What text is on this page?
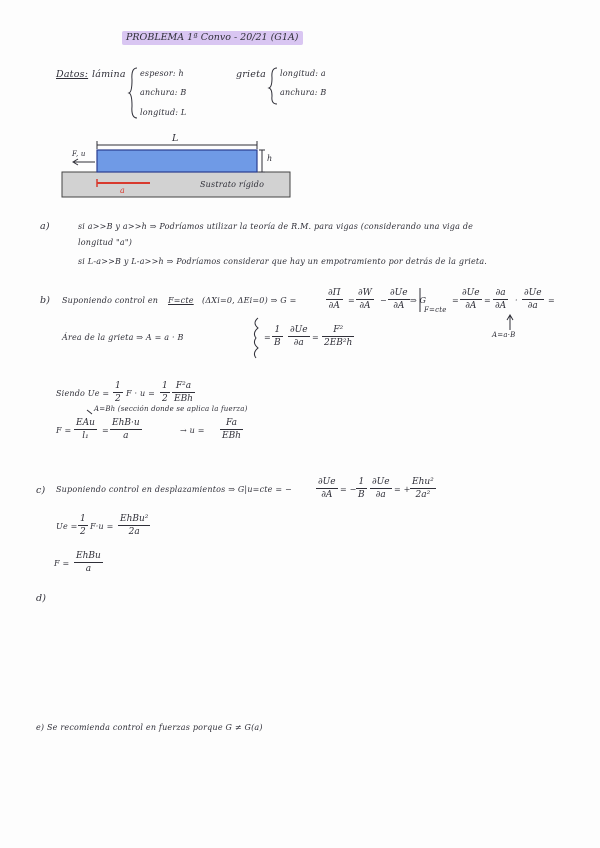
PROBLEMA 1ª Convo - 20/21 (G1A)
Datos: lámina espesor: h
anchura: B
longitud: L
grieta longitud: a
anchura: B
L
h
F, u
a
Sustrato rígido
a)	si a>>B y a>>h ⇒ Podríamos utilizar la teoría de R.M. para vigas (considerando una viga de
longitud "a")
si L-a>>B y L-a>>h ⇒ Podríamos considerar que hay un empotramiento por detrás de la grieta.
b) Suponiendo control en F=cte (ΔXi=0, ΔEi=0) ⇒ G =	$\frac{\partial\Pi}{\partial A} = \frac{\partial W}{\partial A} - \frac{\partial Ue}{\partial A}$ ⇒ G
F=cte
= $\frac{\partial Ue}{\partial A} = \frac{\partial a}{\partial A} \cdot \frac{\partial Ue}{\partial a}$ =
A=a·B
Área de la grieta ⇒ A = a · B	= $\frac{1}{B} \frac{\partial Ue}{\partial a} = \frac{\text{F²}}{\text{2EB²h}}$
Siendo $Ue = \frac{1}{2}$ $F \cdot u = \frac{1}{2} F^2a$
EBh
A=Bh (sección donde se aplica la fuerza)
F =
EAu
l₁
=
EhB·u
a
→ u =
Fa
EBh
c) Suponiendo control en desplazamientos ⇒ G|u=cte = −	$\frac{\partial Ue}{\partial A}$ = − $\frac{1}{B} \frac{\partial Ue}{\partial a}$ = +
Ehu²
2a²
$Ue = \frac{1}{2} F\cdot u$ =
EhBu²
2a
F =
EhBu
a
d)
e) Se recomienda control en fuerzas porque G ≠ G(a)
